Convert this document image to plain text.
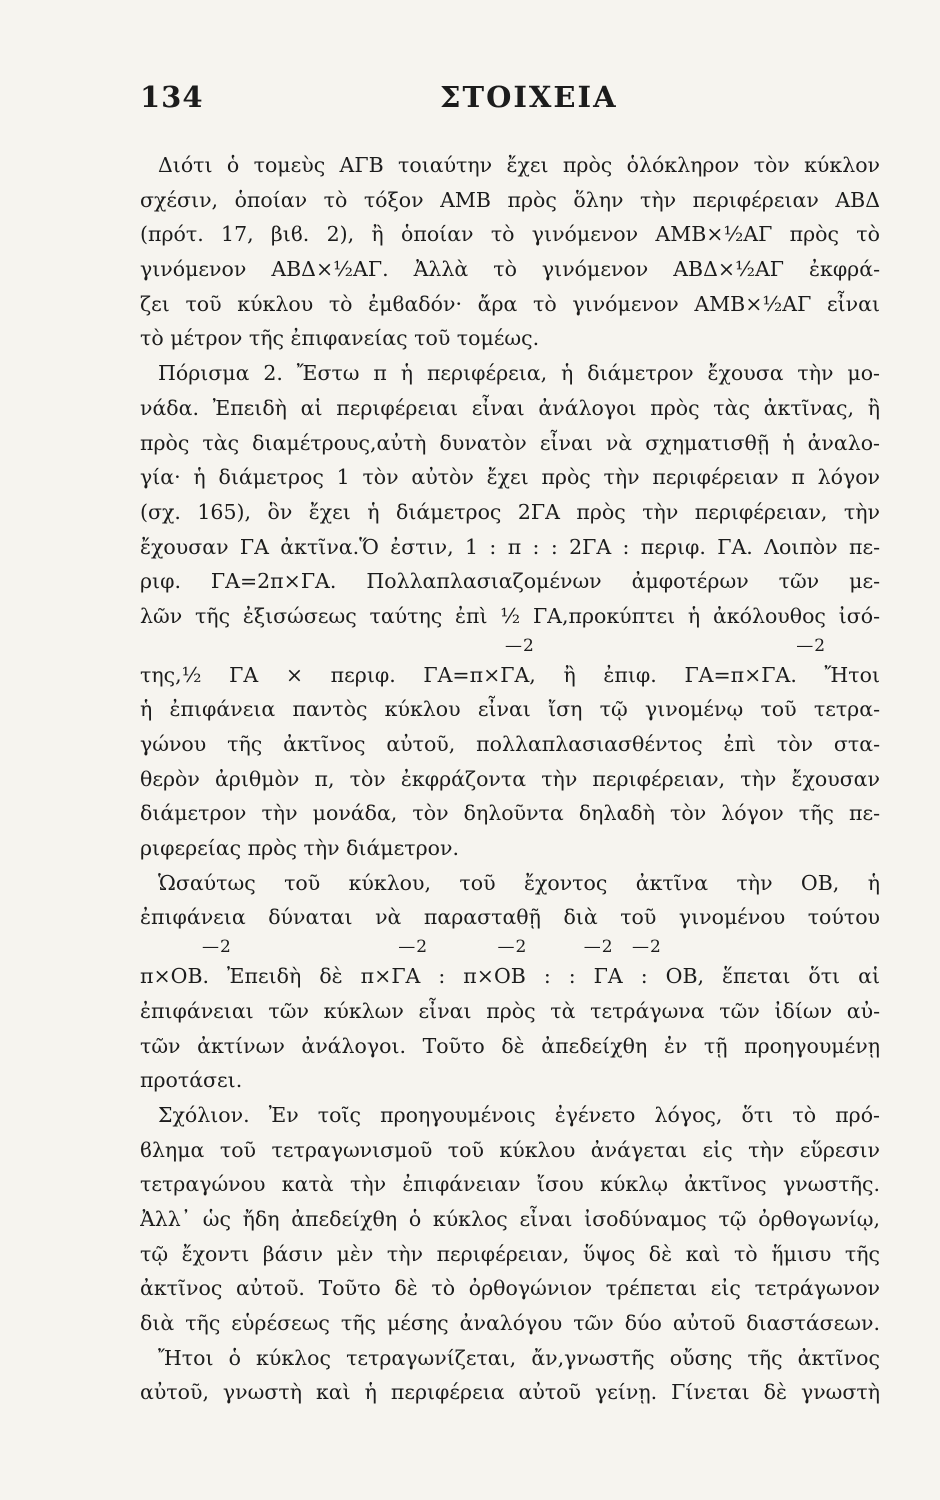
134	ΣΤΟΙΧΕΙΑ
Διότι ὁ τομεὺς ΑΓΒ τοιαύτην ἔχει πρὸς ὁλόκληρον τὸν κύκλον
σχέσιν, ὁποίαν τὸ τόξον ΑΜΒ πρὸς ὅλην τὴν περιφέρειαν ΑΒΔ
(πρότ. 17, βιϐ. 2), ἢ ὁποίαν τὸ γινόμενον ΑΜΒ×½ΑΓ πρὸς τὸ
γινόμενον ΑΒΔ×½ΑΓ. Ἀλλὰ τὸ γινόμενον ΑΒΔ×½ΑΓ ἐκφρά-
ζει τοῦ κύκλου τὸ ἐμϐαδόν· ἄρα τὸ γινόμενον ΑΜΒ×½ΑΓ εἶναι
τὸ μέτρον τῆς ἐπιφανείας τοῦ τομέως.
Πόρισμα 2. Ἔστω π ἡ περιφέρεια, ἡ διάμετρον ἔχουσα τὴν μο-
νάδα. Ἐπειδὴ αἱ περιφέρειαι εἶναι ἀνάλογοι πρὸς τὰς ἀκτῖνας, ἢ
πρὸς τὰς διαμέτρους,αὐτὴ δυνατὸν εἶναι νὰ σχηματισθῇ ἡ ἀναλο-
γία· ἡ διάμετρος 1 τὸν αὐτὸν ἔχει πρὸς τὴν περιφέρειαν π λόγον
(σχ. 165), ὃν ἔχει ἡ διάμετρος 2ΓΑ πρὸς τὴν περιφέρειαν, τὴν
ἔχουσαν ΓΑ ἀκτῖνα.Ὅ ἐστιν, 1 : π : : 2ΓΑ : περιφ. ΓΑ. Λοιπὸν πε-
ριφ. ΓΑ=2π×ΓΑ. Πολλαπλασιαζομένων ἀμφοτέρων τῶν με-
λῶν τῆς ἐξισώσεως ταύτης ἐπὶ ½ ΓΑ,προκύπτει ἡ ἀκόλουθος ἰσό-
—2	—2
της,½ ΓΑ × περιφ. ΓΑ=π×ΓΑ, ἢ ἐπιφ. ΓΑ=π×ΓΑ. Ἤτοι
ἡ ἐπιφάνεια παντὸς κύκλου εἶναι ἴση τῷ γινομένῳ τοῦ τετρα-
γώνου τῆς ἀκτῖνος αὐτοῦ, πολλαπλασιασθέντος ἐπὶ τὸν στα-
θερὸν ἀριθμὸν π, τὸν ἐκφράζοντα τὴν περιφέρειαν, τὴν ἔχουσαν
διάμετρον τὴν μονάδα, τὸν δηλοῦντα δηλαδὴ τὸν λόγον τῆς πε-
ριφερείας πρὸς τὴν διάμετρον.
Ὡσαύτως τοῦ κύκλου, τοῦ ἔχοντος ἀκτῖνα τὴν ΟΒ, ἡ
ἐπιφάνεια δύναται νὰ παρασταθῇ διὰ τοῦ γινομένου τούτου
—2	—2	—2	—2 —2
π×ΟΒ. Ἐπειδὴ δὲ π×ΓΑ : π×ΟΒ : : ΓΑ : ΟΒ, ἕπεται ὅτι αἱ
ἐπιφάνειαι τῶν κύκλων εἶναι πρὸς τὰ τετράγωνα τῶν ἰδίων αὐ-
τῶν ἀκτίνων ἀνάλογοι. Τοῦτο δὲ ἀπεδείχθη ἐν τῇ προηγουμένῃ
προτάσει.
Σχόλιον. Ἐν τοῖς προηγουμένοις ἐγένετο λόγος, ὅτι τὸ πρό-
ϐλημα τοῦ τετραγωνισμοῦ τοῦ κύκλου ἀνάγεται εἰς τὴν εὕρεσιν
τετραγώνου κατὰ τὴν ἐπιφάνειαν ἴσου κύκλῳ ἀκτῖνος γνωστῆς.
Ἀλλ᾽ ὡς ἤδη ἀπεδείχθη ὁ κύκλος εἶναι ἰσοδύναμος τῷ ὀρθογωνίῳ,
τῷ ἔχοντι βάσιν μὲν τὴν περιφέρειαν, ὕψος δὲ καὶ τὸ ἥμισυ τῆς
ἀκτῖνος αὐτοῦ. Τοῦτο δὲ τὸ ὀρθογώνιον τρέπεται εἰς τετράγωνον
διὰ τῆς εὑρέσεως τῆς μέσης ἀναλόγου τῶν δύο αὐτοῦ διαστάσεων.
Ἤτοι ὁ κύκλος τετραγωνίζεται, ἄν,γνωστῆς οὔσης τῆς ἀκτῖνος
αὐτοῦ, γνωστὴ καὶ ἡ περιφέρεια αὐτοῦ γείνῃ. Γίνεται δὲ γνωστὴ
